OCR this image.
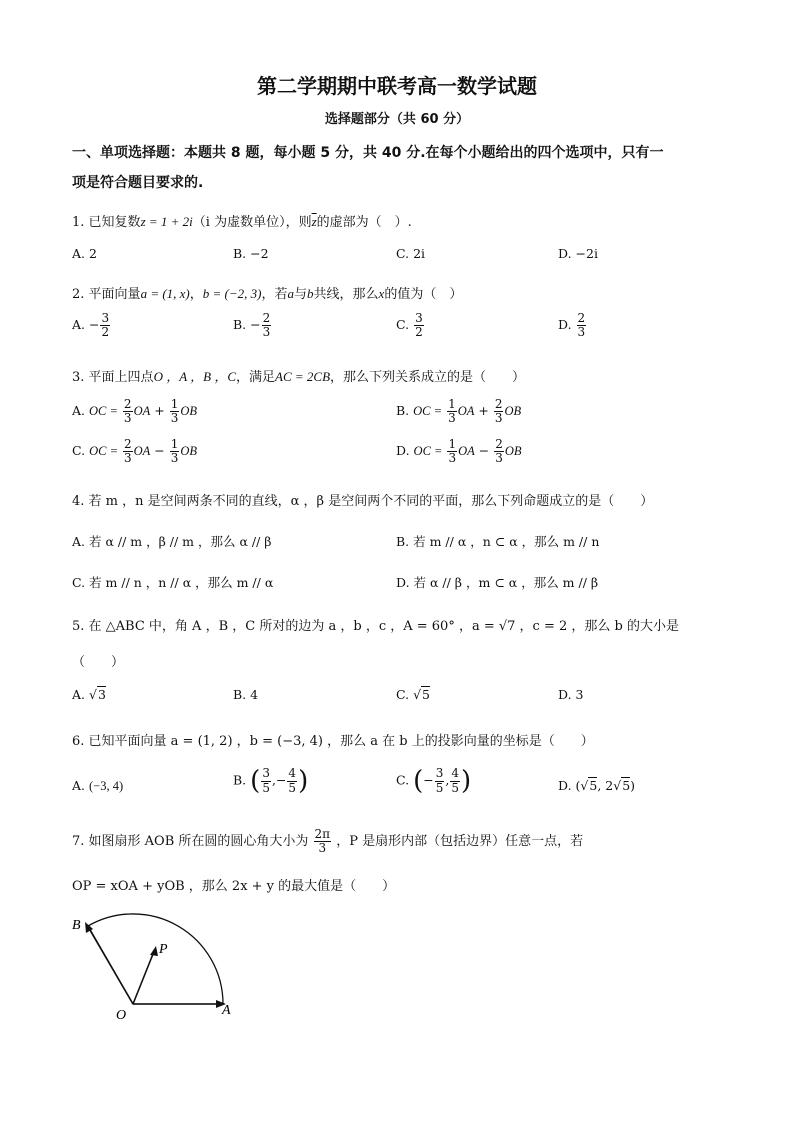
第二学期期中联考高一数学试题
选择题部分（共 60 分）
一、单项选择题：本题共 8 题，每小题 5 分，共 40 分.在每个小题给出的四个选项中，只有一
项是符合题目要求的.
1. 已知复数z = 1 + 2i（i 为虚数单位），则$\overline{z}$的虚部为（　）.
A. 2	B. −2	C. 2i	D. −2i
2. 平面向量a = (1, x)，b = (−2, 3)，若a与b共线，那么x的值为（　）
A. − $\frac{3}{2}$	B. − $\frac{2}{3}$	C. $\frac{3}{2}$	D. $\frac{2}{3}$
3. 平面上四点O ，A ，B ，C，满足AC = 2CB，那么下列关系成立的是（　　）
A. OC = $\frac{2}{3}$ OA + $\frac{1}{3}$ OB	B. OC = $\frac{1}{3}$ OA + $\frac{2}{3}$ OB
C. OC = $\frac{2}{3}$ OA − $\frac{1}{3}$ OB	D. OC = $\frac{1}{3}$ OA − $\frac{2}{3}$ OB
4. 若 m ，n 是空间两条不同的直线，α ，β 是空间两个不同的平面，那么下列命题成立的是（　　）
A. 若 α // m ，β // m ，那么 α // β	B. 若 m // α ，n ⊂ α ，那么 m // n
C. 若 m // n ，n // α ，那么 m // α	D. 若 α // β ，m ⊂ α ，那么 m // β
5. 在 △ABC 中，角 A ，B ，C 所对的边为 a ，b ，c ，A = 60° ，a = √7 ，c = 2 ，那么 b 的大小是
（　　）
A. √3	B. 4	C. √5	D. 3
6. 已知平面向量 a = (1, 2) ，b = (−3, 4) ，那么 a 在 b 上的投影向量的坐标是（　　）
A. (−3, 4)	B. ( $\frac{3}{5}$ ,− $\frac{4}{5}$ )	C. (− $\frac{3}{5}$ , $\frac{4}{5}$ )	D. (√5, 2√5)
7. 如图扇形 AOB 所在圆的圆心角大小为 $\frac{2\pi}{3}$ ，P 是扇形内部（包括边界）任意一点，若
OP = xOA + yOB ，那么 2x + y 的最大值是（　　）
B
P
O	A
